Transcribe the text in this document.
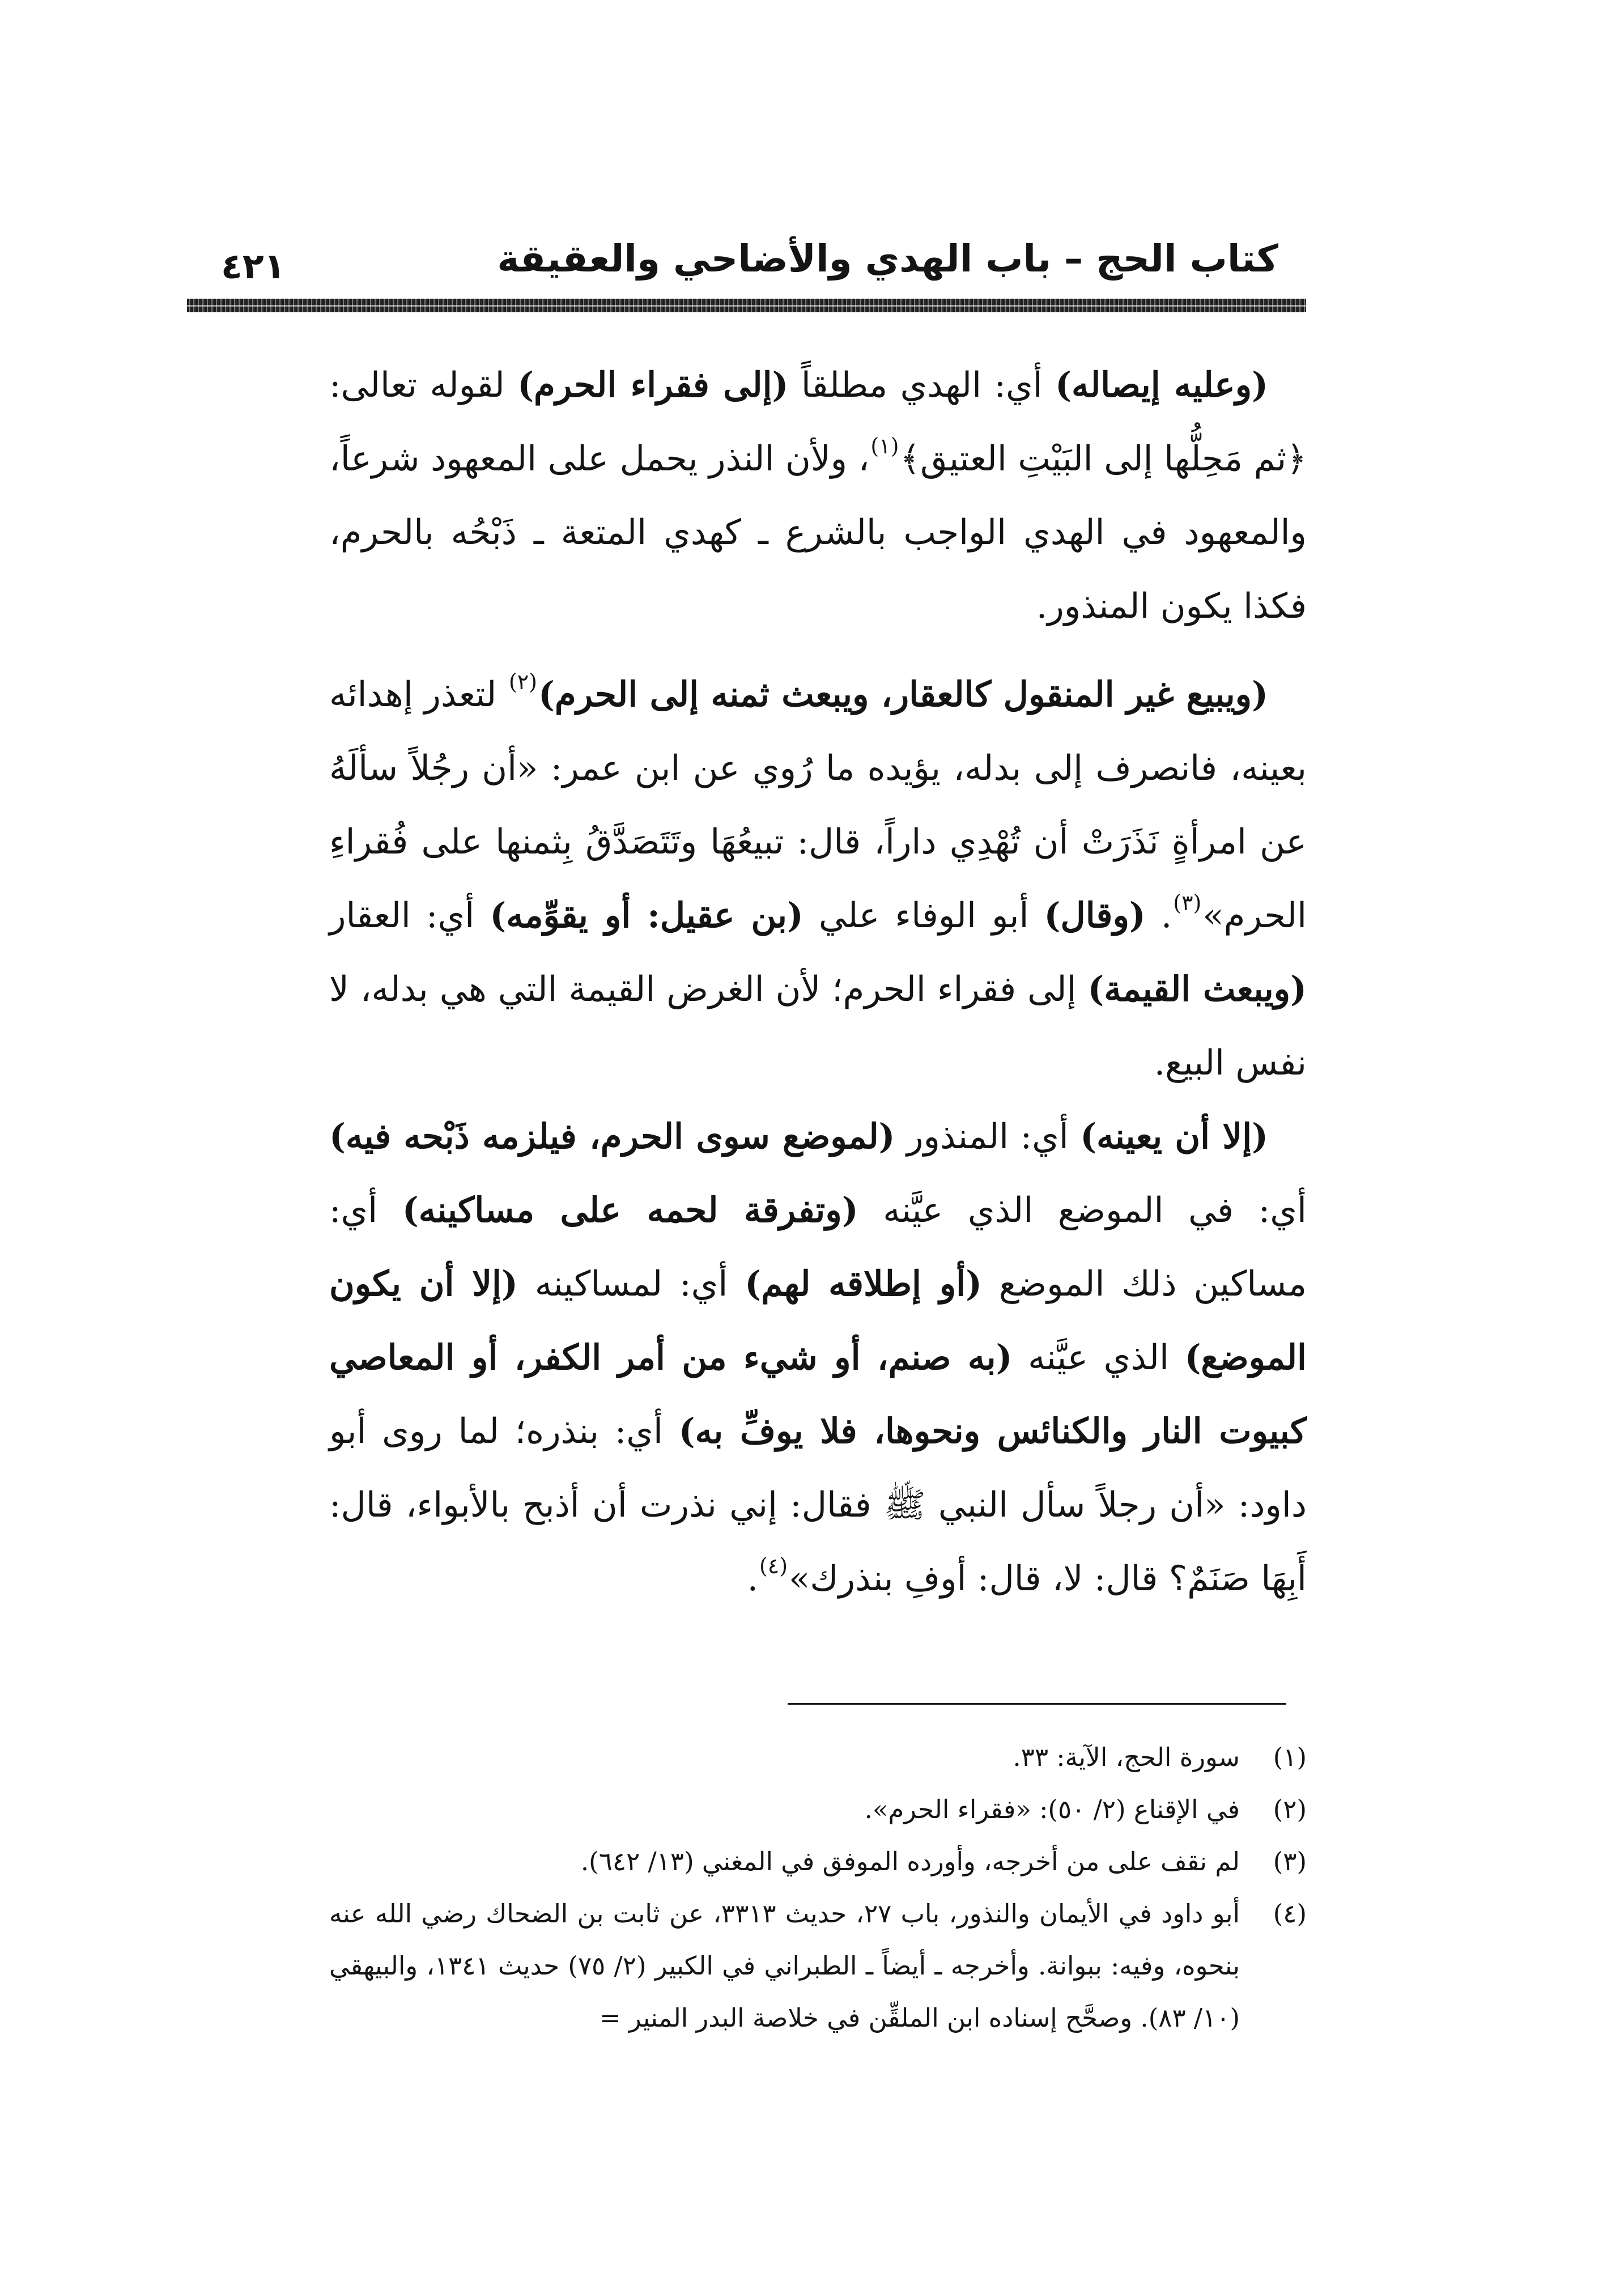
كتاب الحج – باب الهدي والأضاحي والعقيقة
٤٢١

(وعليه إيصاله) أي: الهدي مطلقاً (إلى فقراء الحرم) لقوله تعالى: ﴿ثم مَحِلُّها إلى البَيْتِ العتيق﴾$^{(١)}$، ولأن النذر يحمل على المعهود شرعاً، والمعهود في الهدي الواجب بالشرع ـ كهدي المتعة ـ ذَبْحُه بالحرم، فكذا يكون المنذور.

(ويبيع غير المنقول كالعقار، ويبعث ثمنه إلى الحرم)$^{(٢)}$ لتعذر إهدائه بعينه، فانصرف إلى بدله، يؤيده ما رُوي عن ابن عمر: «أن رجُلاً سألَهُ عن امرأةٍ نَذَرَتْ أن تُهْدِي داراً، قال: تبيعُهَا وتَتَصَدَّقُ بِثمنها على فُقراءِ الحرم»$^{(٣)}$. (وقال) أبو الوفاء علي (بن عقيل: أو يقوِّمه) أي: العقار (ويبعث القيمة) إلى فقراء الحرم؛ لأن الغرض القيمة التي هي بدله، لا نفس البيع.

(إلا أن يعينه) أي: المنذور (لموضع سوى الحرم، فيلزمه ذَبْحه فيه) أي: في الموضع الذي عيَّنه (وتفرقة لحمه على مساكينه) أي: مساكين ذلك الموضع (أو إطلاقه لهم) أي: لمساكينه (إلا أن يكون الموضع) الذي عيَّنه (به صنم، أو شيء من أمر الكفر، أو المعاصي كبيوت النار والكنائس ونحوها، فلا يوفِّ به) أي: بنذره؛ لما روى أبو داود: «أن رجلاً سأل النبي ﷺ فقال: إني نذرت أن أذبح بالأبواء، قال: أَبِهَا صَنَمٌ؟ قال: لا، قال: أوفِ بنذرك»$^{(٤)}$.

(١)
سورة الحج، الآية: ٣٣.

(٢)
في الإقناع (٢/ ٥٠): «فقراء الحرم».

(٣)
لم نقف على من أخرجه، وأورده الموفق في المغني (١٣/ ٦٤٢).

(٤)
أبو داود في الأيمان والنذور، باب ٢٧، حديث ٣٣١٣، عن ثابت بن الضحاك رضي الله عنه بنحوه، وفيه: ببوانة. وأخرجه ـ أيضاً ـ الطبراني في الكبير (٢/ ٧٥) حديث ١٣٤١، والبيهقي (١٠/ ٨٣). وصحَّح إسناده ابن الملقِّن في خلاصة البدر المنير =
